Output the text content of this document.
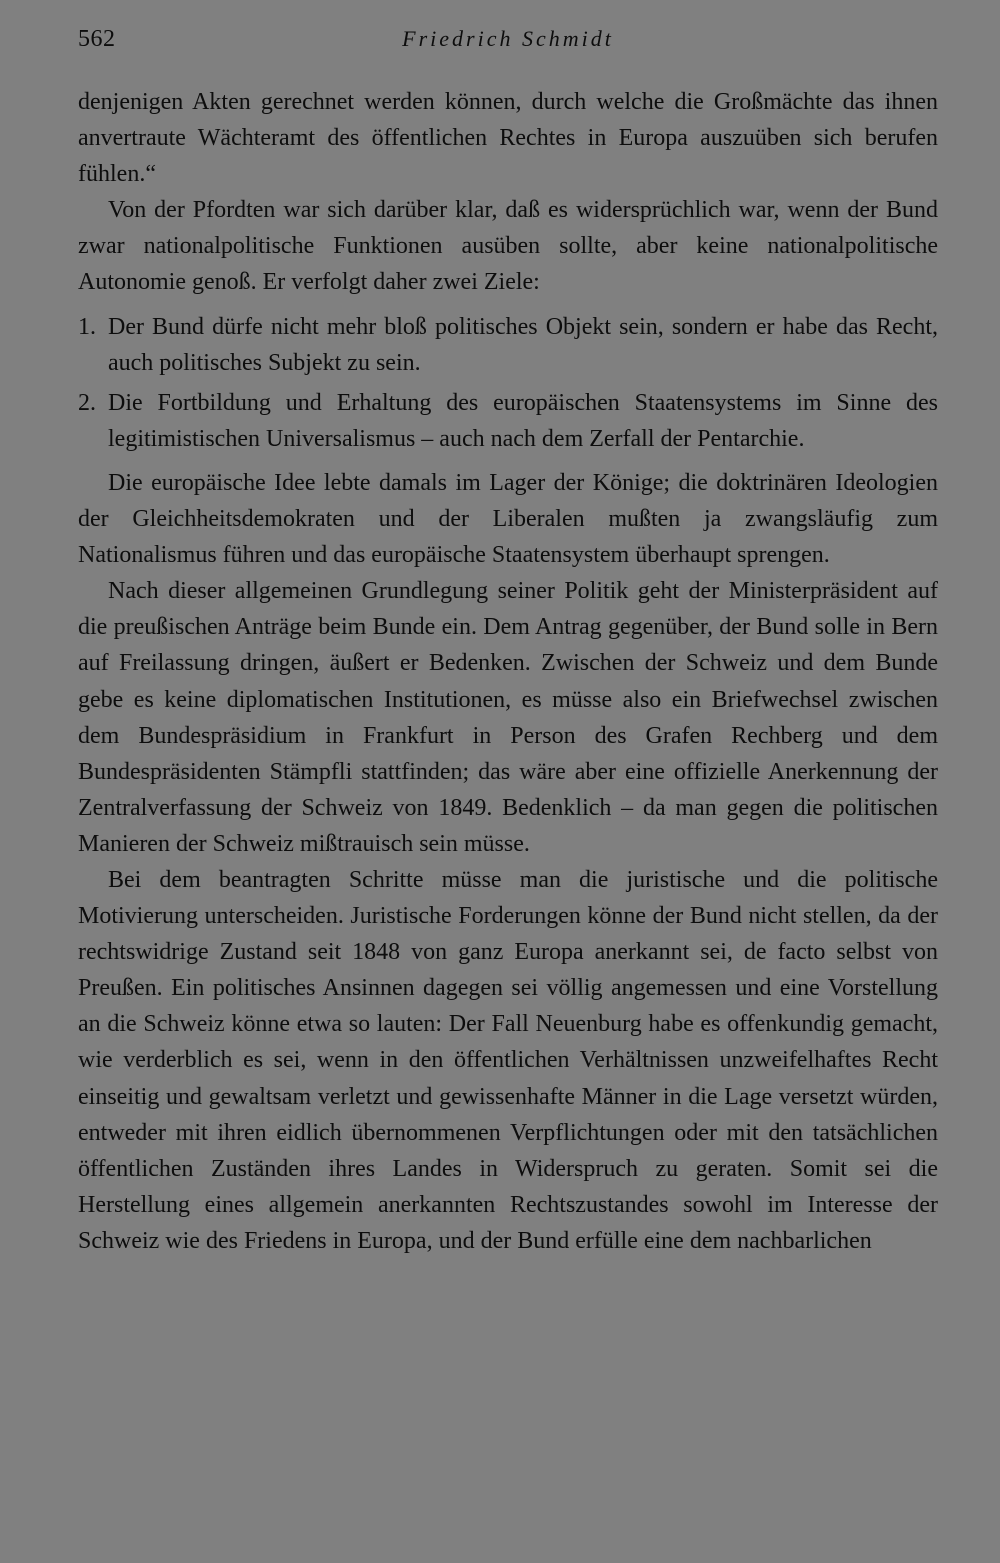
562	Friedrich Schmidt

denjenigen Akten gerechnet werden können, durch welche die Großmächte das ihnen anvertraute Wächteramt des öffentlichen Rechtes in Europa auszuüben sich berufen fühlen.“

Von der Pfordten war sich darüber klar, daß es widersprüchlich war, wenn der Bund zwar nationalpolitische Funktionen ausüben sollte, aber keine nationalpolitische Autonomie genoß. Er verfolgt daher zwei Ziele:

1. Der Bund dürfe nicht mehr bloß politisches Objekt sein, sondern er habe das Recht, auch politisches Subjekt zu sein.
2. Die Fortbildung und Erhaltung des europäischen Staatensystems im Sinne des legitimistischen Universalismus – auch nach dem Zerfall der Pentarchie.

Die europäische Idee lebte damals im Lager der Könige; die doktrinären Ideologien der Gleichheitsdemokraten und der Liberalen mußten ja zwangsläufig zum Nationalismus führen und das europäische Staatensystem überhaupt sprengen.

Nach dieser allgemeinen Grundlegung seiner Politik geht der Ministerpräsident auf die preußischen Anträge beim Bunde ein. Dem Antrag gegenüber, der Bund solle in Bern auf Freilassung dringen, äußert er Bedenken. Zwischen der Schweiz und dem Bunde gebe es keine diplomatischen Institutionen, es müsse also ein Briefwechsel zwischen dem Bundespräsidium in Frankfurt in Person des Grafen Rechberg und dem Bundespräsidenten Stämpfli stattfinden; das wäre aber eine offizielle Anerkennung der Zentralverfassung der Schweiz von 1849. Bedenklich – da man gegen die politischen Manieren der Schweiz mißtrauisch sein müsse.

Bei dem beantragten Schritte müsse man die juristische und die politische Motivierung unterscheiden. Juristische Forderungen könne der Bund nicht stellen, da der rechtswidrige Zustand seit 1848 von ganz Europa anerkannt sei, de facto selbst von Preußen. Ein politisches Ansinnen dagegen sei völlig angemessen und eine Vorstellung an die Schweiz könne etwa so lauten: Der Fall Neuenburg habe es offenkundig gemacht, wie verderblich es sei, wenn in den öffentlichen Verhältnissen unzweifelhaftes Recht einseitig und gewaltsam verletzt und gewissenhafte Männer in die Lage versetzt würden, entweder mit ihren eidlich übernommenen Verpflichtungen oder mit den tatsächlichen öffentlichen Zuständen ihres Landes in Widerspruch zu geraten. Somit sei die Herstellung eines allgemein anerkannten Rechtszustandes sowohl im Interesse der Schweiz wie des Friedens in Europa, und der Bund erfülle eine dem nachbarlichen
